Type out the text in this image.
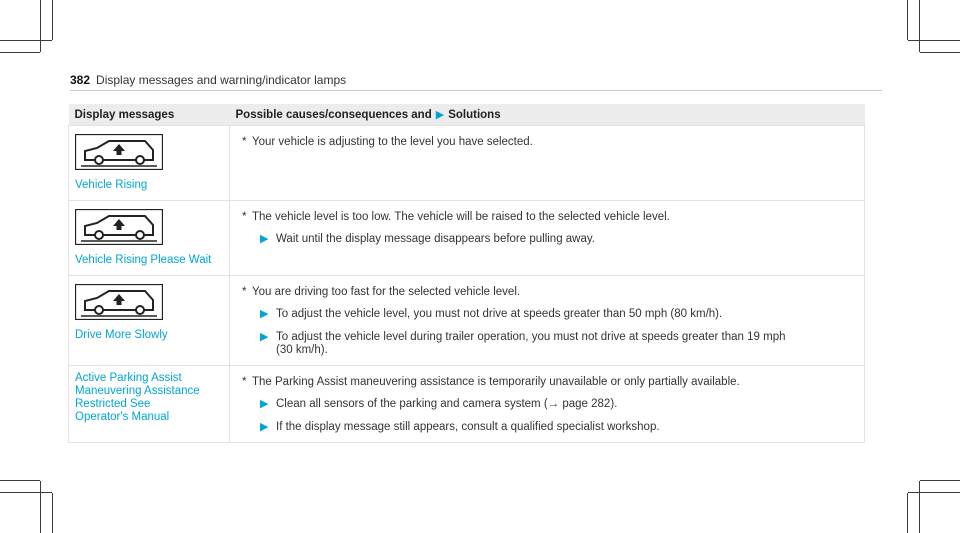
382 Display messages and warning/indicator lamps
Display messages	Possible causes/consequences and ▶ Solutions

Vehicle Rising	* Your vehicle is adjusting to the level you have selected.

Vehicle Rising Please Wait	* The vehicle level is too low. The vehicle will be raised to the selected vehicle level.
▶ Wait until the display message disappears before pulling away.

Drive More Slowly	* You are driving too fast for the selected vehicle level.
▶ To adjust the vehicle level, you must not drive at speeds greater than 50 mph (80 km/h).
▶ To adjust the vehicle level during trailer operation, you must not drive at speeds greater than 19 mph (30 km/h).

Active Parking Assist Maneuvering Assistance Restricted See Operator's Manual	* The Parking Assist maneuvering assistance is temporarily unavailable or only partially available.
▶ Clean all sensors of the parking and camera system (→ page 282).
▶ If the display message still appears, consult a qualified specialist workshop.
